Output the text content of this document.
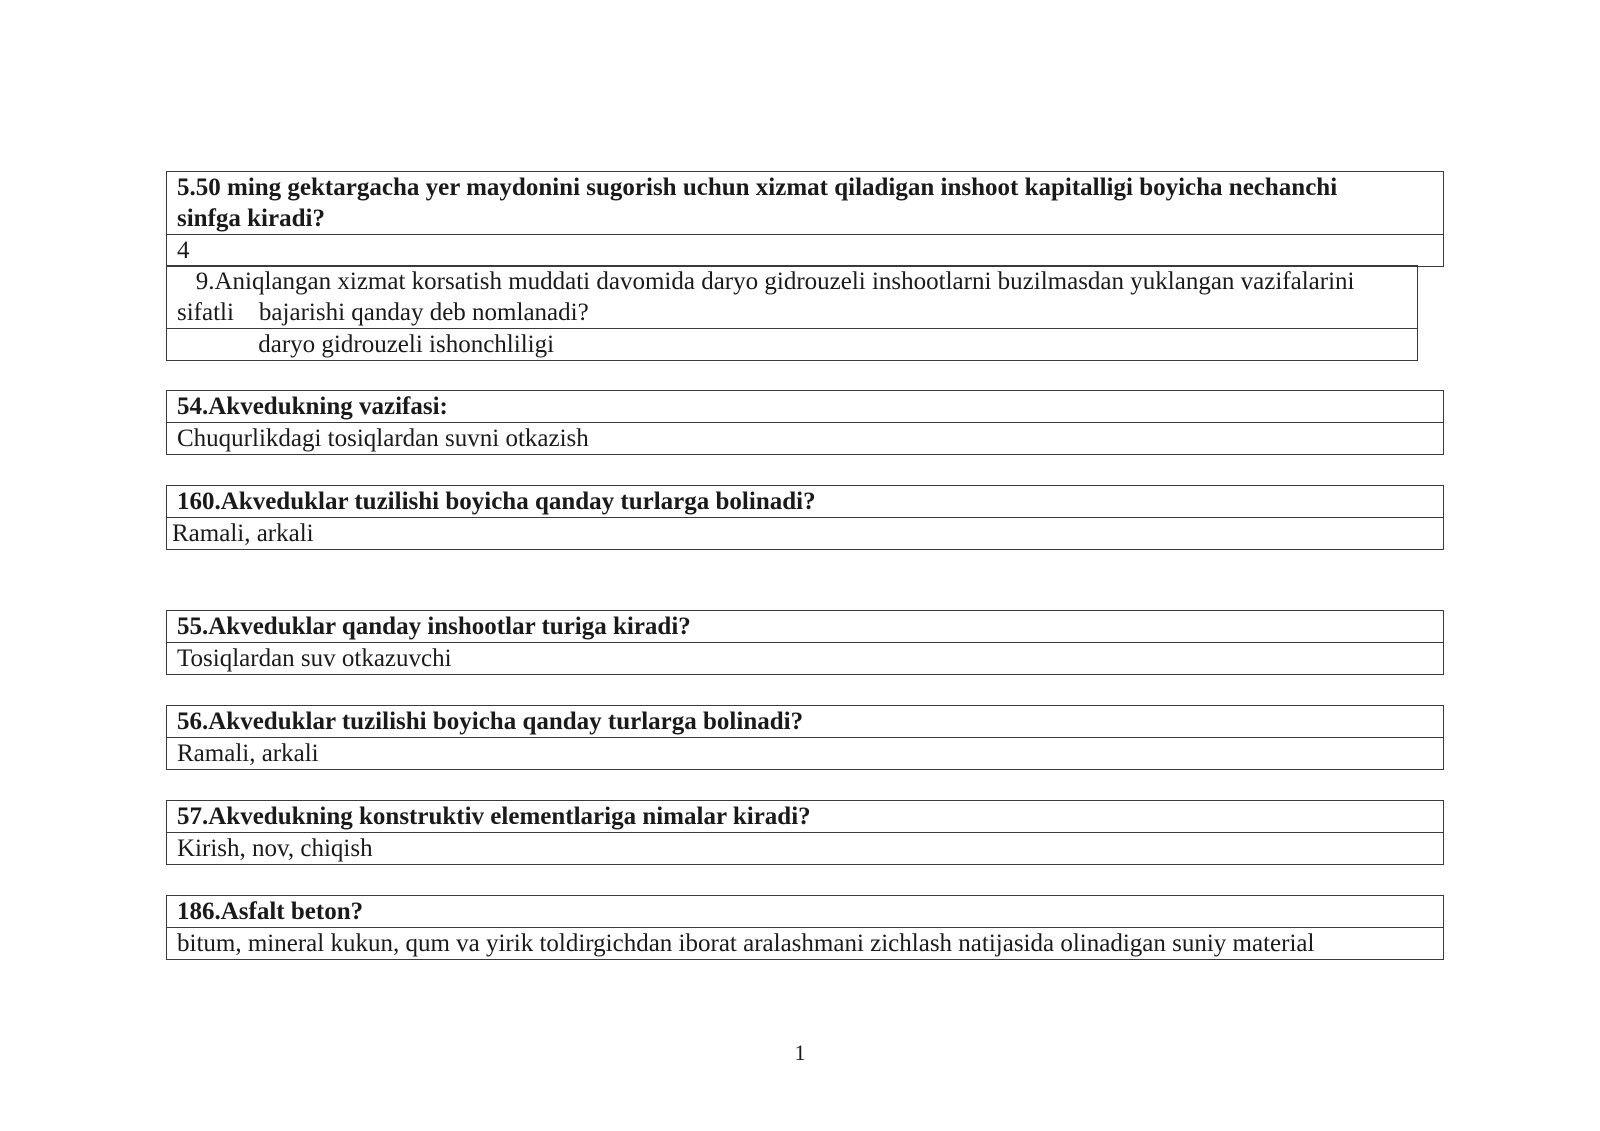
5.50 ming gektargacha yer maydonini sugorish uchun xizmat qiladigan inshoot kapitalligi boyicha nechanchi sinfga kiradi?
4
9.Aniqlangan xizmat korsatish muddati davomida daryo gidrouzeli inshootlarni buzilmasdan yuklangan vazifalarini sifatli    bajarishi qanday deb nomlanadi?
daryo gidrouzeli ishonchliligi
54.Akvedukning vazifasi:
Chuqurlikdagi tosiqlardan suvni otkazish
160.Akveduklar tuzilishi boyicha qanday turlarga bolinadi?
Ramali, arkali
55.Akveduklar qanday inshootlar turiga kiradi?
Tosiqlardan suv otkazuvchi
56.Akveduklar tuzilishi boyicha qanday turlarga bolinadi?
Ramali, arkali
57.Akvedukning konstruktiv elementlariga nimalar kiradi?
Kirish, nov, chiqish
186.Asfalt beton?
bitum, mineral kukun, qum va yirik toldirgichdan iborat aralashmani zichlash natijasida olinadigan suniy material
1
